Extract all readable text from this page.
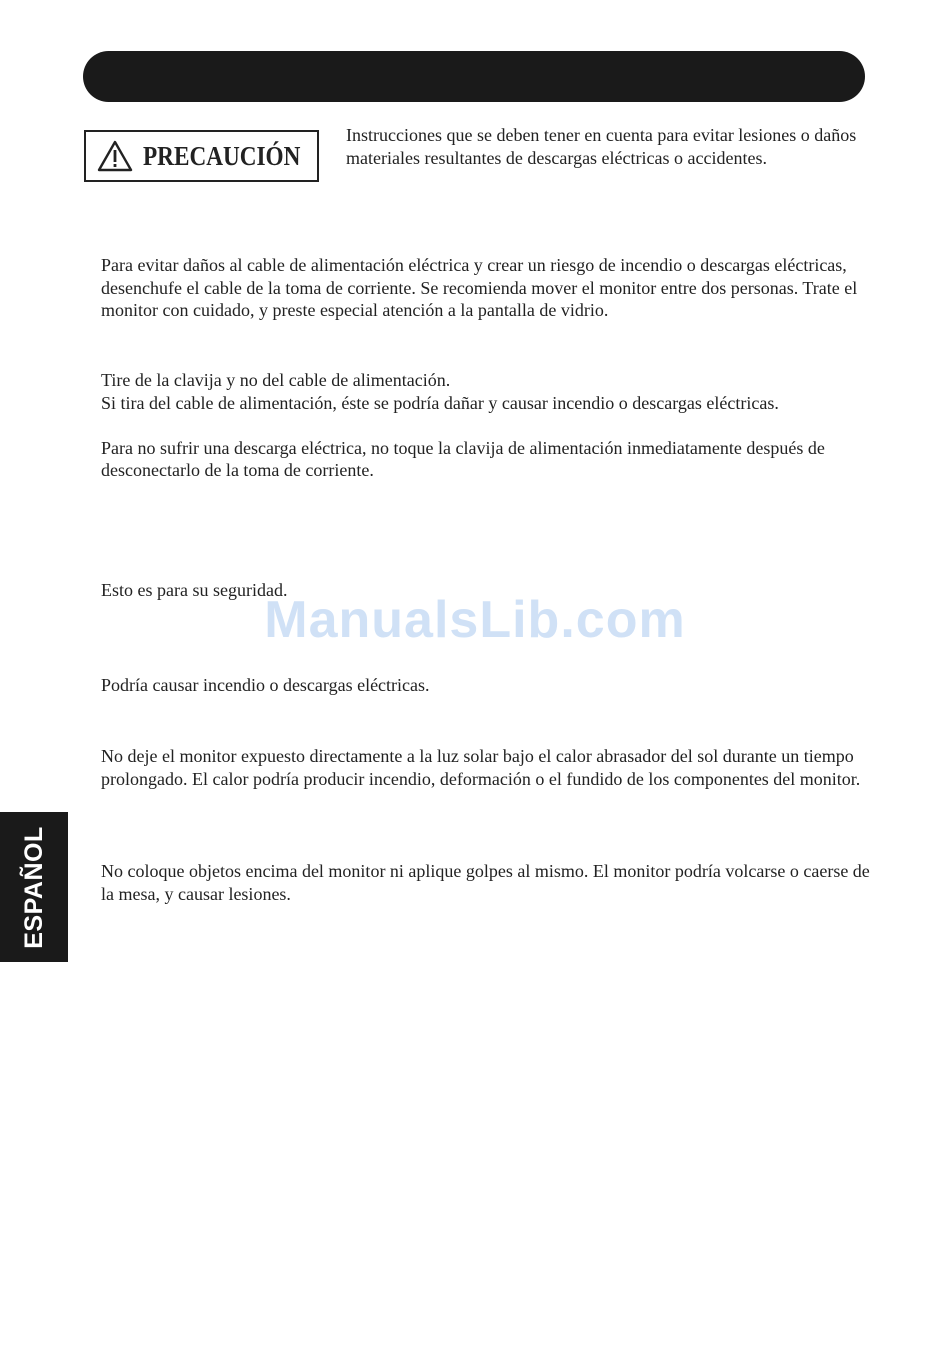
PRECAUCIÓN

Instrucciones que se deben tener en cuenta para evitar lesiones o daños materiales resultantes de descargas eléctricas o accidentes.

Para evitar daños al cable de alimentación eléctrica y crear un riesgo de incendio o descargas eléctricas, desenchufe el cable de la toma de corriente. Se recomienda mover el monitor entre dos personas. Trate el monitor con cuidado, y preste especial atención a la pantalla de vidrio.

Tire de la clavija y no del cable de alimentación.

Si tira del cable de alimentación, éste se podría dañar y causar incendio o descargas eléctricas.

Para no sufrir una descarga eléctrica, no toque la clavija de alimentación inmediatamente después de desconectarlo de la toma de corriente.

Esto es para su seguridad.

Podría causar incendio o descargas eléctricas.

No deje el monitor expuesto directamente a la luz solar bajo el calor abrasador del sol durante un tiempo prolongado. El calor podría producir incendio, deformación o el fundido de los componentes del monitor.

No coloque objetos encima del monitor ni aplique golpes al mismo. El monitor podría volcarse o caerse de la mesa, y causar lesiones.

ManualsLib.com
ESPAÑOL
